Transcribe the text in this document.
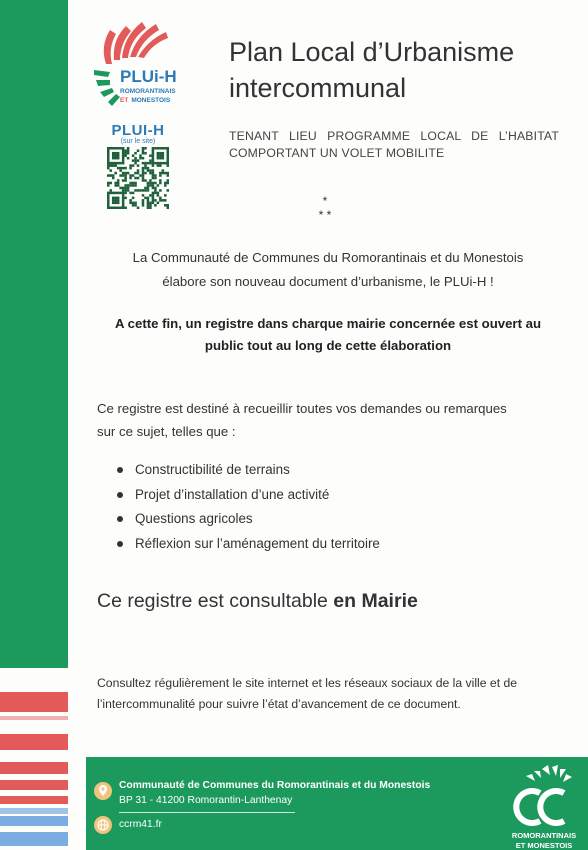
PLUi-H
ROMORANTINAIS
ET MONESTOIS
PLUI-H
(sur le site)
Plan Local d’Urbanisme
intercommunal
TENANT LIEU PROGRAMME LOCAL DE L’HABITAT
COMPORTANT UN VOLET MOBILITE
*
* *
La Communauté de Communes du Romorantinais et du Monestois
élabore son nouveau document d’urbanisme, le PLUi-H !
A cette fin, un registre dans charque mairie concernée est ouvert au
public tout au long de cette élaboration
Ce registre est destiné à recueillir toutes vos demandes ou remarques
sur ce sujet, telles que :
Constructibilité de terrains
Projet d’installation d’une activité
Questions agricoles
Réflexion sur l’aménagement du territoire
Ce registre est consultable en Mairie
Consultez régulièrement le site internet et les réseaux sociaux de la ville et de
l’intercommunalité pour suivre l’état d’avancement de ce document.
Communauté de Communes du Romorantinais et du Monestois
BP 31 - 41200 Romorantin-Lanthenay
ccrm41.fr
ROMORANTINAIS
ET MONESTOIS
